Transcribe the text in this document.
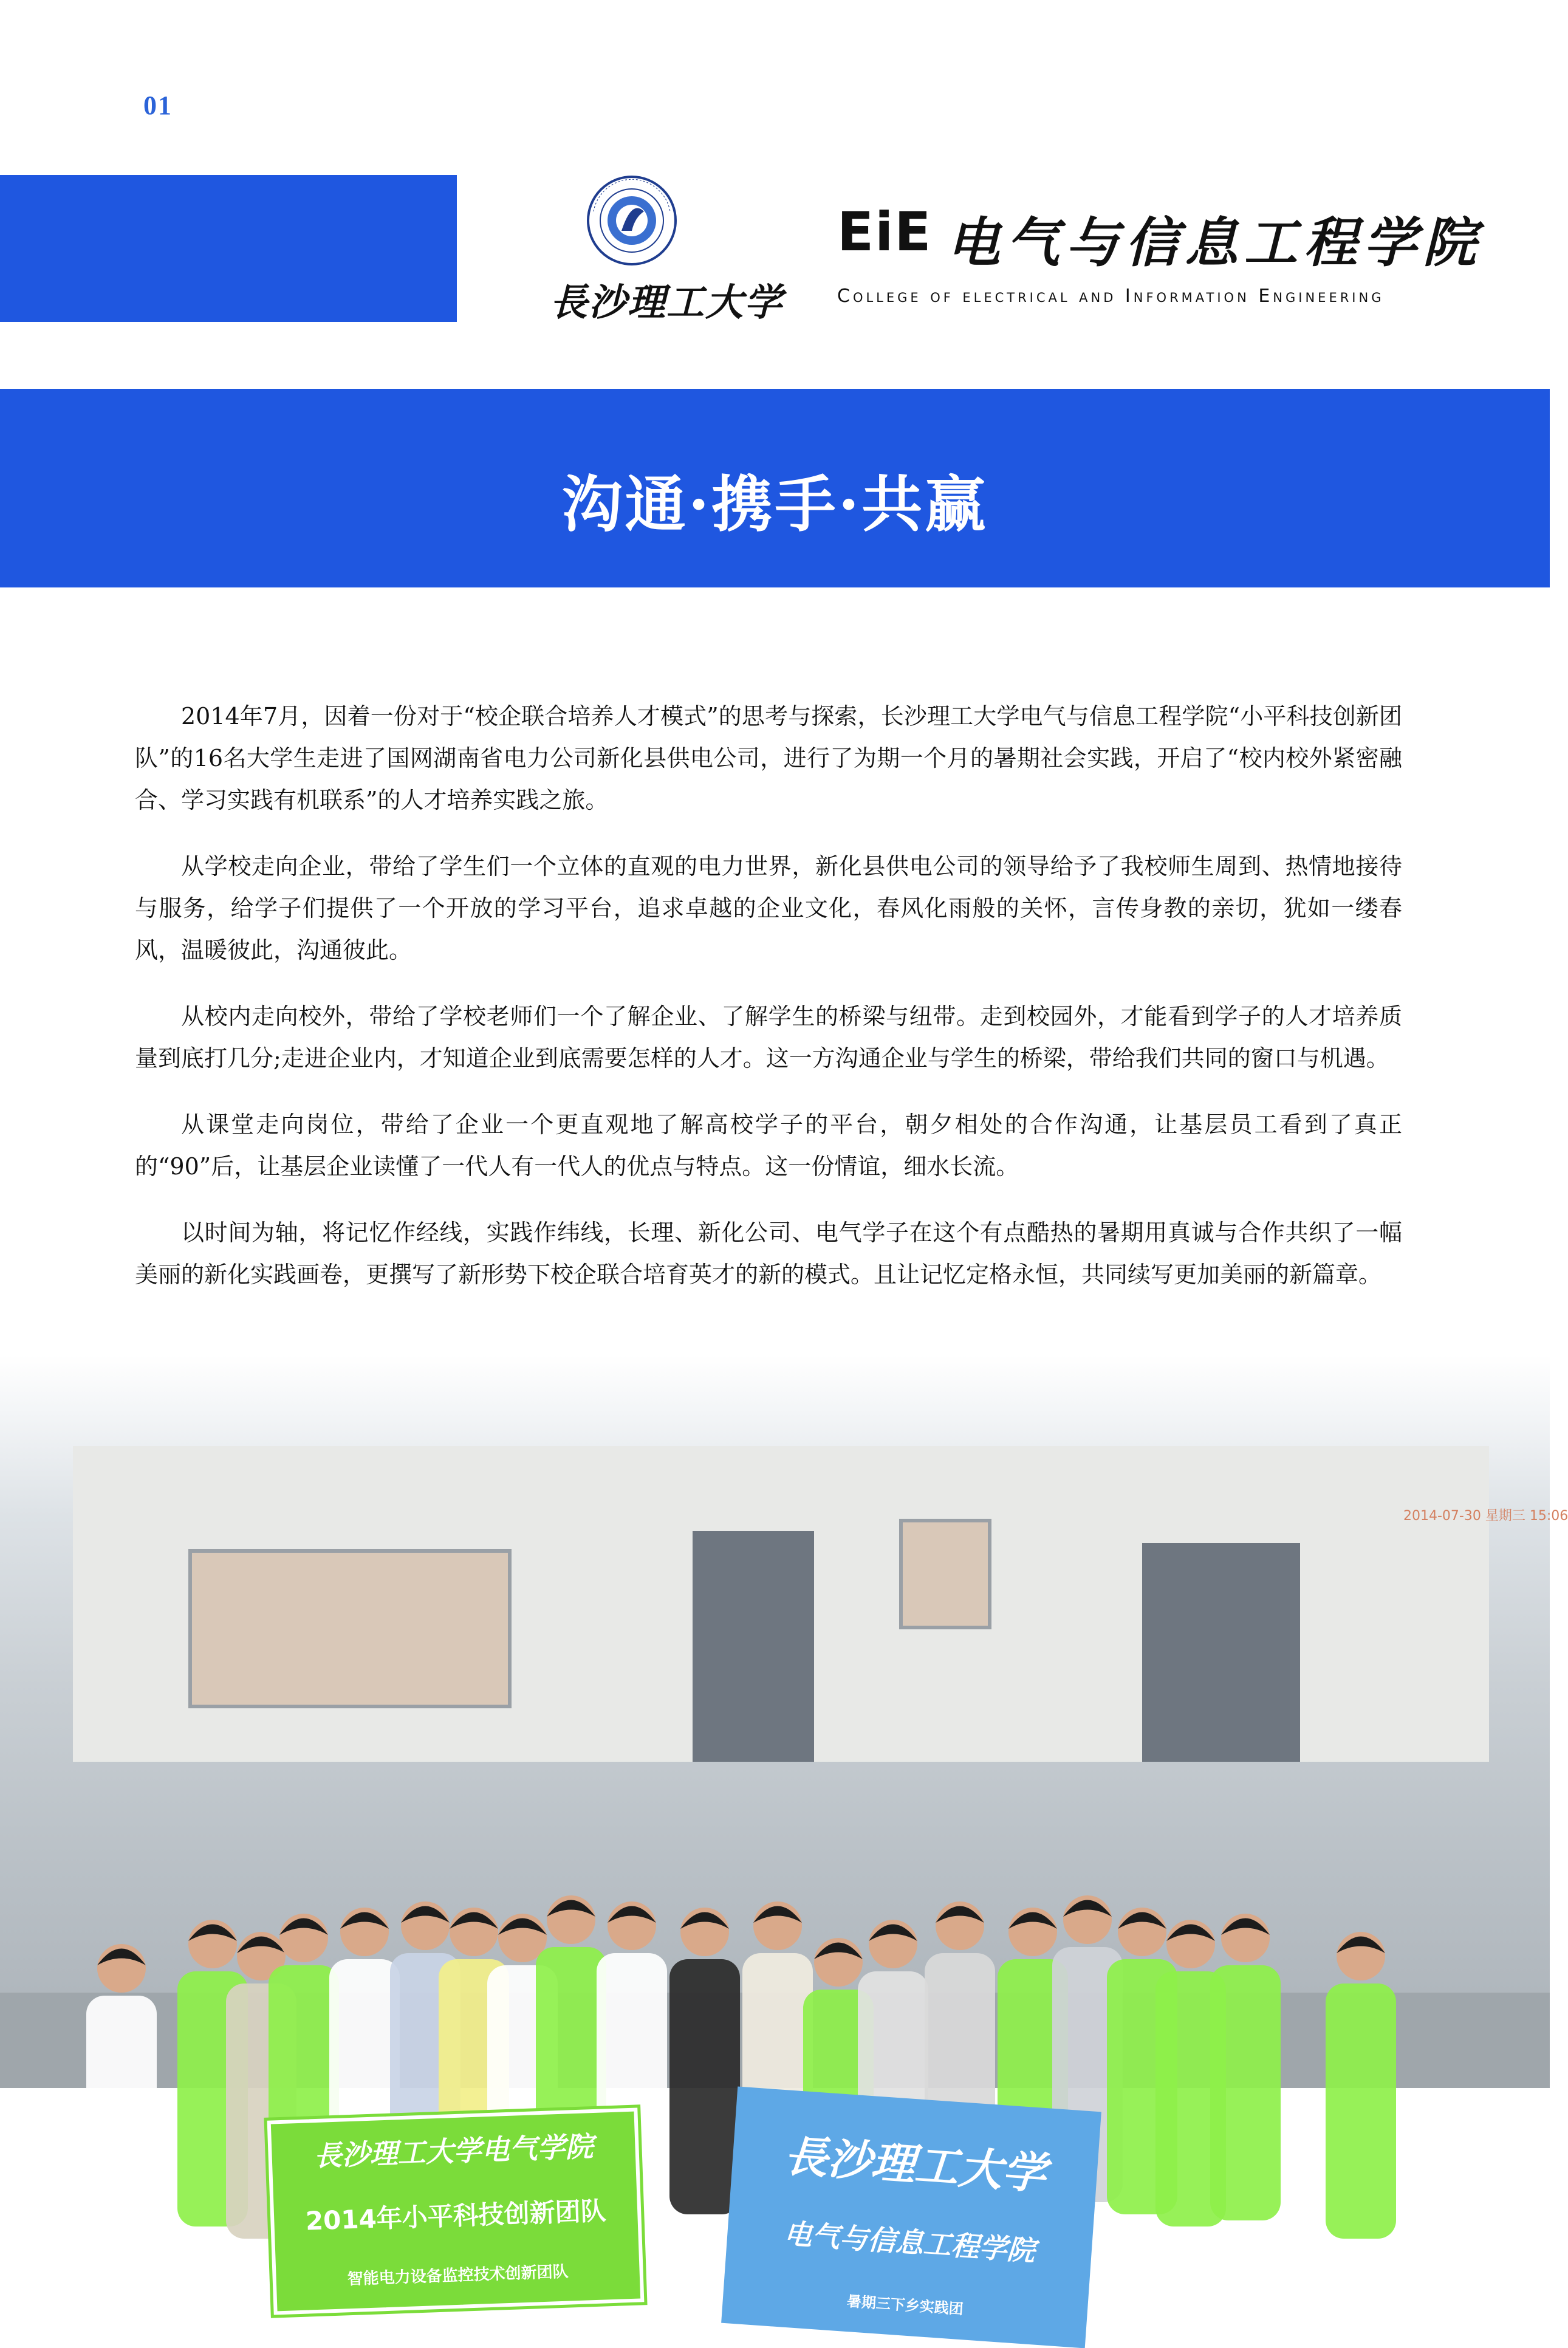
01
長沙理工大学
EiE 电气与信息工程学院
College of electrical and Information Engineering
沟通·携手·共赢

2014年7月，因着一份对于“校企联合培养人才模式”的思考与探索，长沙理工大学电气与信息工程学院“小平科技创新团队”的16名大学生走进了国网湖南省电力公司新化县供电公司，进行了为期一个月的暑期社会实践，开启了“校内校外紧密融合、学习实践有机联系”的人才培养实践之旅。

从学校走向企业，带给了学生们一个立体的直观的电力世界，新化县供电公司的领导给予了我校师生周到、热情地接待与服务，给学子们提供了一个开放的学习平台，追求卓越的企业文化，春风化雨般的关怀，言传身教的亲切，犹如一缕春风，温暖彼此，沟通彼此。

从校内走向校外，带给了学校老师们一个了解企业、了解学生的桥梁与纽带。走到校园外，才能看到学子的人才培养质量到底打几分;走进企业内，才知道企业到底需要怎样的人才。这一方沟通企业与学生的桥梁，带给我们共同的窗口与机遇。

从课堂走向岗位，带给了企业一个更直观地了解高校学子的平台，朝夕相处的合作沟通，让基层员工看到了真正的“90”后，让基层企业读懂了一代人有一代人的优点与特点。这一份情谊，细水长流。

以时间为轴，将记忆作经线，实践作纬线，长理、新化公司、电气学子在这个有点酷热的暑期用真诚与合作共织了一幅美丽的新化实践画卷，更撰写了新形势下校企联合培育英才的新的模式。且让记忆定格永恒，共同续写更加美丽的新篇章。

2014-07-30 星期三 15:06
長沙理工大学电气学院
2014年小平科技创新团队
智能电力设备监控技术创新团队
長沙理工大学
电气与信息工程学院
暑期三下乡实践团
